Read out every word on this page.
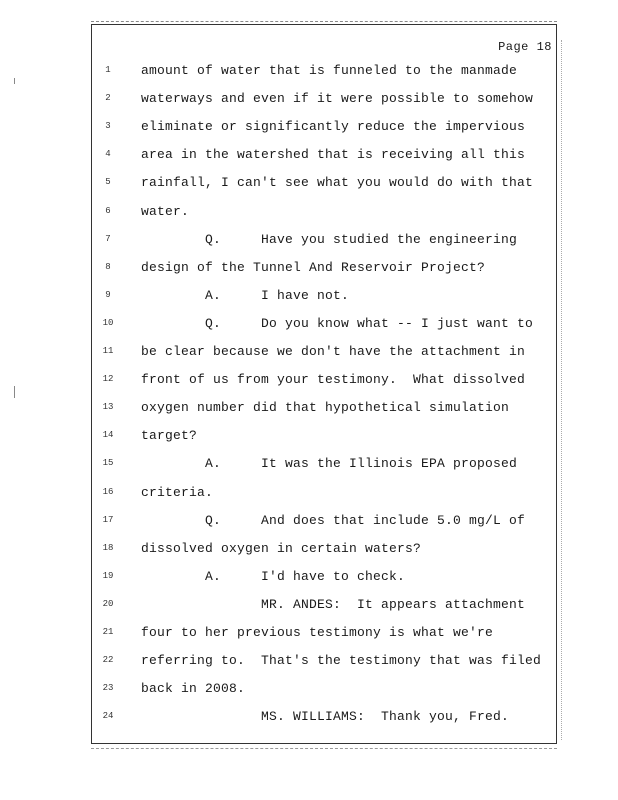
Page 18
1	amount of water that is funneled to the manmade
2	waterways and even if it were possible to somehow
3	eliminate or significantly reduce the impervious
4	area in the watershed that is receiving all this
5	rainfall, I can't see what you would do with that
6	water.
7	Q.     Have you studied the engineering
8	design of the Tunnel And Reservoir Project?
9	A.     I have not.
10	Q.     Do you know what -- I just want to
11	be clear because we don't have the attachment in
12	front of us from your testimony.  What dissolved
13	oxygen number did that hypothetical simulation
14	target?
15	A.     It was the Illinois EPA proposed
16	criteria.
17	Q.     And does that include 5.0 mg/L of
18	dissolved oxygen in certain waters?
19	A.     I'd have to check.
20	MR. ANDES:  It appears attachment
21	four to her previous testimony is what we're
22	referring to.  That's the testimony that was filed
23	back in 2008.
24	MS. WILLIAMS:  Thank you, Fred.
